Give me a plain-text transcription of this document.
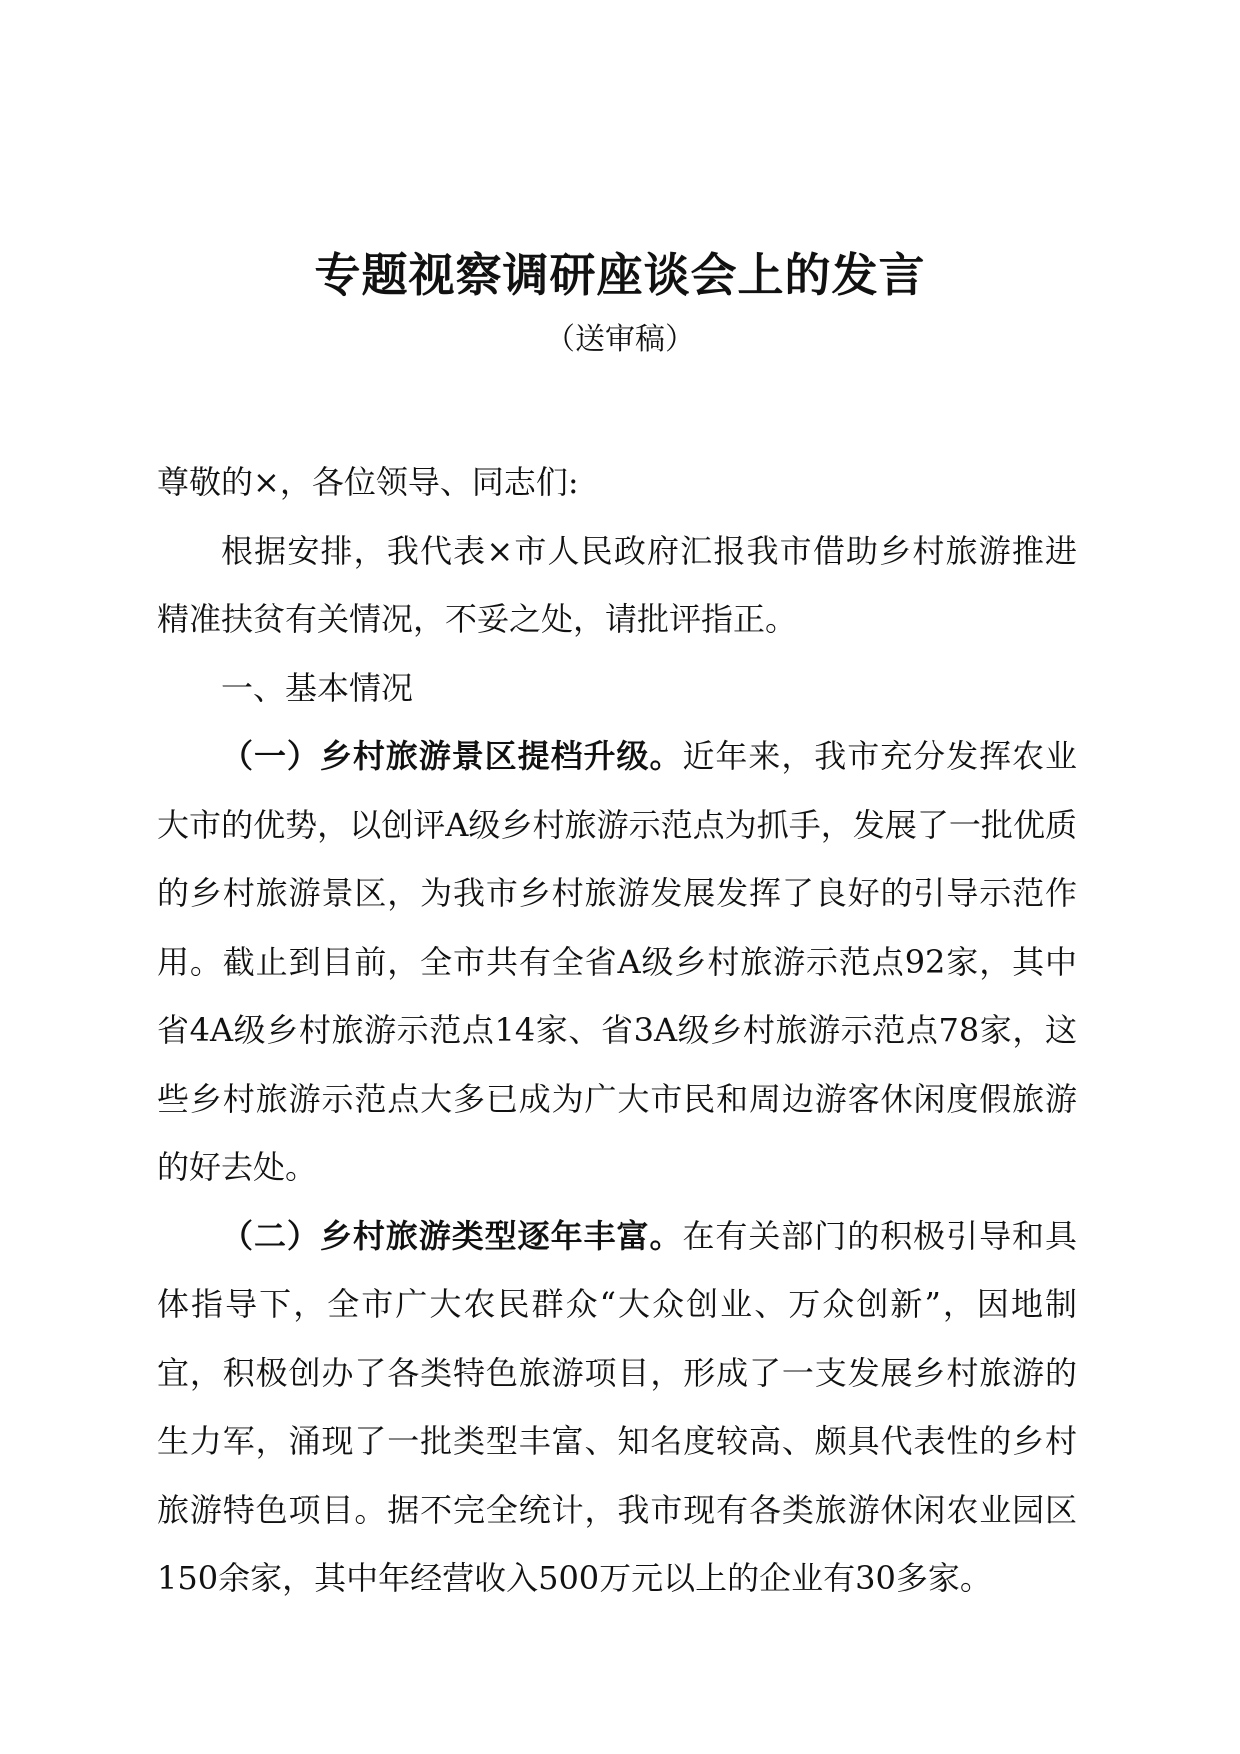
专题视察调研座谈会上的发言
（送审稿）

尊敬的×，各位领导、同志们:

根据安排，我代表×市人民政府汇报我市借助乡村旅游推进精准扶贫有关情况，不妥之处，请批评指正。

一、基本情况

（一）乡村旅游景区提档升级。近年来，我市充分发挥农业大市的优势，以创评A级乡村旅游示范点为抓手，发展了一批优质的乡村旅游景区，为我市乡村旅游发展发挥了良好的引导示范作用。截止到目前，全市共有全省A级乡村旅游示范点92家，其中省4A级乡村旅游示范点14家、省3A级乡村旅游示范点78家，这些乡村旅游示范点大多已成为广大市民和周边游客休闲度假旅游的好去处。

（二）乡村旅游类型逐年丰富。在有关部门的积极引导和具体指导下，全市广大农民群众“大众创业、万众创新”，因地制宜，积极创办了各类特色旅游项目，形成了一支发展乡村旅游的生力军，涌现了一批类型丰富、知名度较高、颇具代表性的乡村旅游特色项目。据不完全统计，我市现有各类旅游休闲农业园区150余家，其中年经营收入500万元以上的企业有30多家。
